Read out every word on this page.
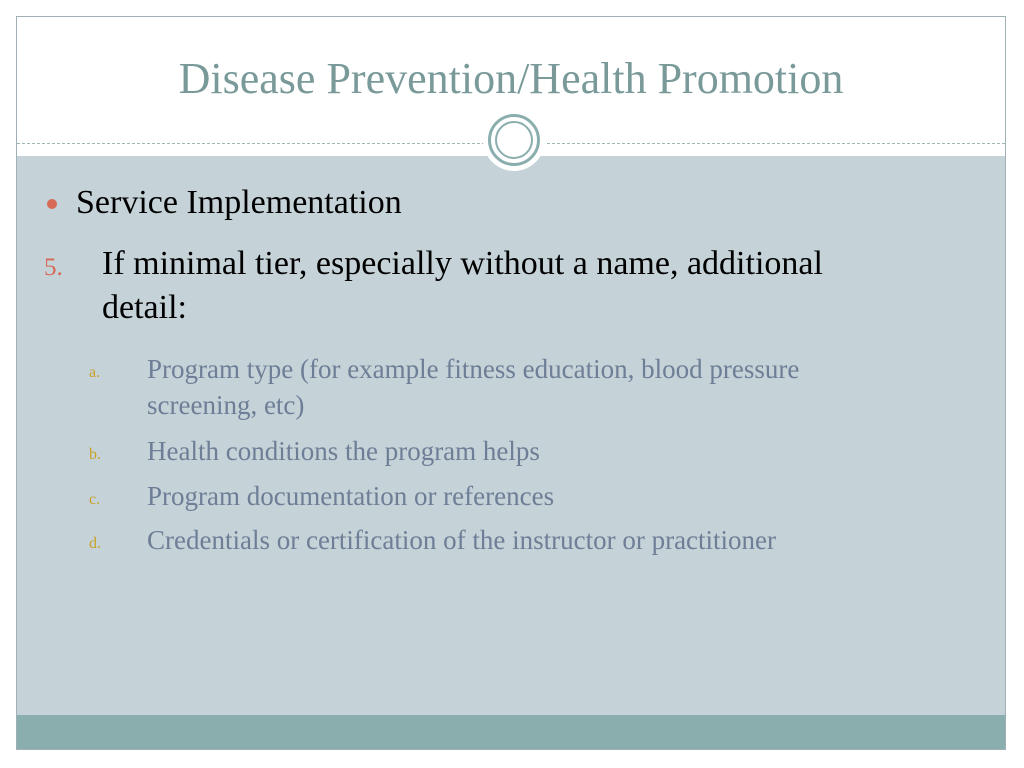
Disease Prevention/Health Promotion
Service Implementation
5. If minimal tier, especially without a name, additional detail:
a. Program type (for example fitness education, blood pressure screening, etc)
b. Health conditions the program helps
c. Program documentation or references
d. Credentials or certification of the instructor or practitioner
